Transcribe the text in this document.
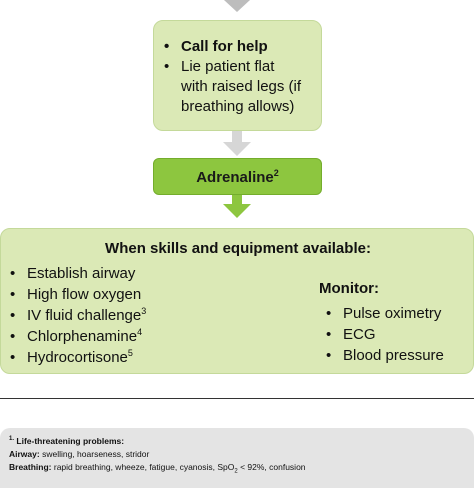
• Call for help
• Lie patient flat
with raised legs (if
breathing allows)
Adrenaline$^2$
When skills and equipment available:
• Establish airway
• High flow oxygen
• IV fluid challenge$^3$
• Chlorphenamine$^4$
• Hydrocortisone$^5$
Monitor:
• Pulse oximetry
• ECG
• Blood pressure
$^{1.}$ Life-threatening problems:
Airway: swelling, hoarseness, stridor
Breathing: rapid breathing, wheeze, fatigue, cyanosis, SpO$_2$ < 92%, confusion
